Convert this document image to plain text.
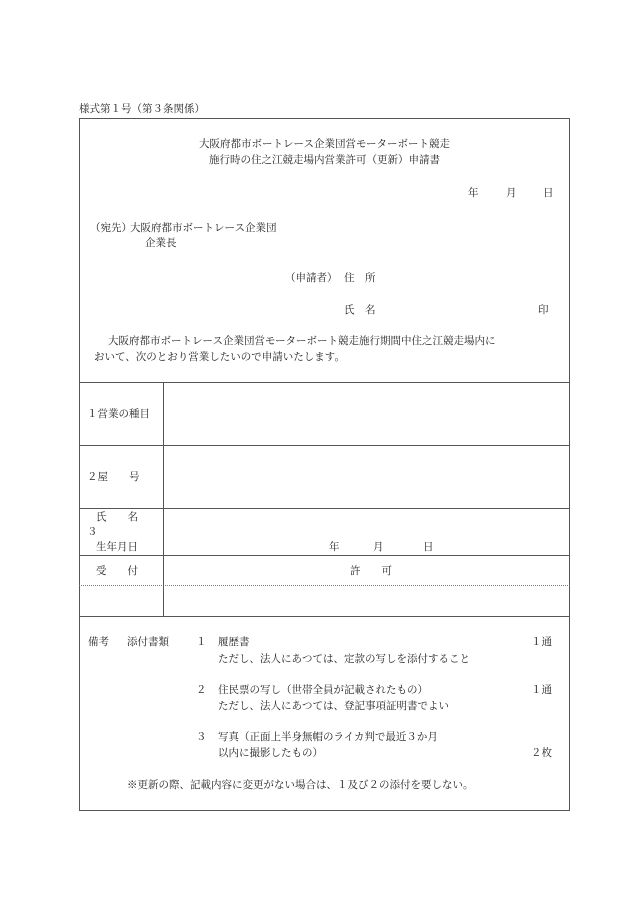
様式第１号（第３条関係）
大阪府都市ボートレース企業団営モーターボート競走
施行時の住之江競走場内営業許可（更新）申請書
年	月	日
（宛先）
大阪府都市ボートレース企業団
企業長
（申請者） 住　所
氏　名	印
大阪府都市ボートレース企業団営モーターボート競走施行期間中住之江競走場内に
おいて、次のとおり営業したいので申請いたします。
１営業の種目
２屋　　号
氏　　名
３
生年月日	年	月	日
受　　付	許　　可
備考 添付書類	１ 履歴書	１通
ただし、法人にあつては、定款の写しを添付すること
２ 住民票の写し（世帯全員が記載されたもの）	１通
ただし、法人にあつては、登記事項証明書でよい
３ 写真（正面上半身無帽のライカ判で最近３か月
以内に撮影したもの）	２枚
※更新の際、記載内容に変更がない場合は、１及び２の添付を要しない。
